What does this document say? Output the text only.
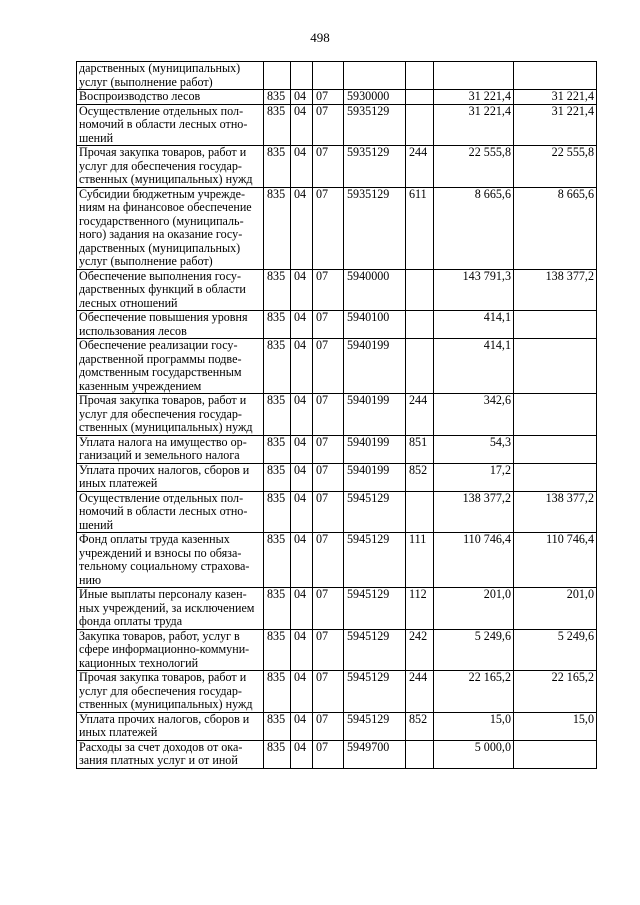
498
дарственных (муниципальных) услуг (выполнение работ)							
Воспроизводство лесов	835	04	07	5930000		31 221,4	31 221,4
Осуществление отдельных полномочий в области лесных отношений	835	04	07	5935129		31 221,4	31 221,4
Прочая закупка товаров, работ и услуг для обеспечения государственных (муниципальных) нужд	835	04	07	5935129	244	22 555,8	22 555,8
Субсидии бюджетным учреждениям на финансовое обеспечение государственного (муниципального) задания на оказание государственных (муниципальных) услуг (выполнение работ)	835	04	07	5935129	611	8 665,6	8 665,6
Обеспечение выполнения государственных функций в области лесных отношений	835	04	07	5940000		143 791,3	138 377,2
Обеспечение повышения уровня использования лесов	835	04	07	5940100		414,1	
Обеспечение реализации государственной программы подведомственным государственным казенным учреждением	835	04	07	5940199		414,1	
Прочая закупка товаров, работ и услуг для обеспечения государственных (муниципальных) нужд	835	04	07	5940199	244	342,6	
Уплата налога на имущество организаций и земельного налога	835	04	07	5940199	851	54,3	
Уплата прочих налогов, сборов и иных платежей	835	04	07	5940199	852	17,2	
Осуществление отдельных полномочий в области лесных отношений	835	04	07	5945129		138 377,2	138 377,2
Фонд оплаты труда казенных учреждений и взносы по обязательному социальному страхованию	835	04	07	5945129	111	110 746,4	110 746,4
Иные выплаты персоналу казенных учреждений, за исключением фонда оплаты труда	835	04	07	5945129	112	201,0	201,0
Закупка товаров, работ, услуг в сфере информационно-коммуникационных технологий	835	04	07	5945129	242	5 249,6	5 249,6
Прочая закупка товаров, работ и услуг для обеспечения государственных (муниципальных) нужд	835	04	07	5945129	244	22 165,2	22 165,2
Уплата прочих налогов, сборов и иных платежей	835	04	07	5945129	852	15,0	15,0
Расходы за счет доходов от оказания платных услуг и от иной	835	04	07	5949700		5 000,0	
